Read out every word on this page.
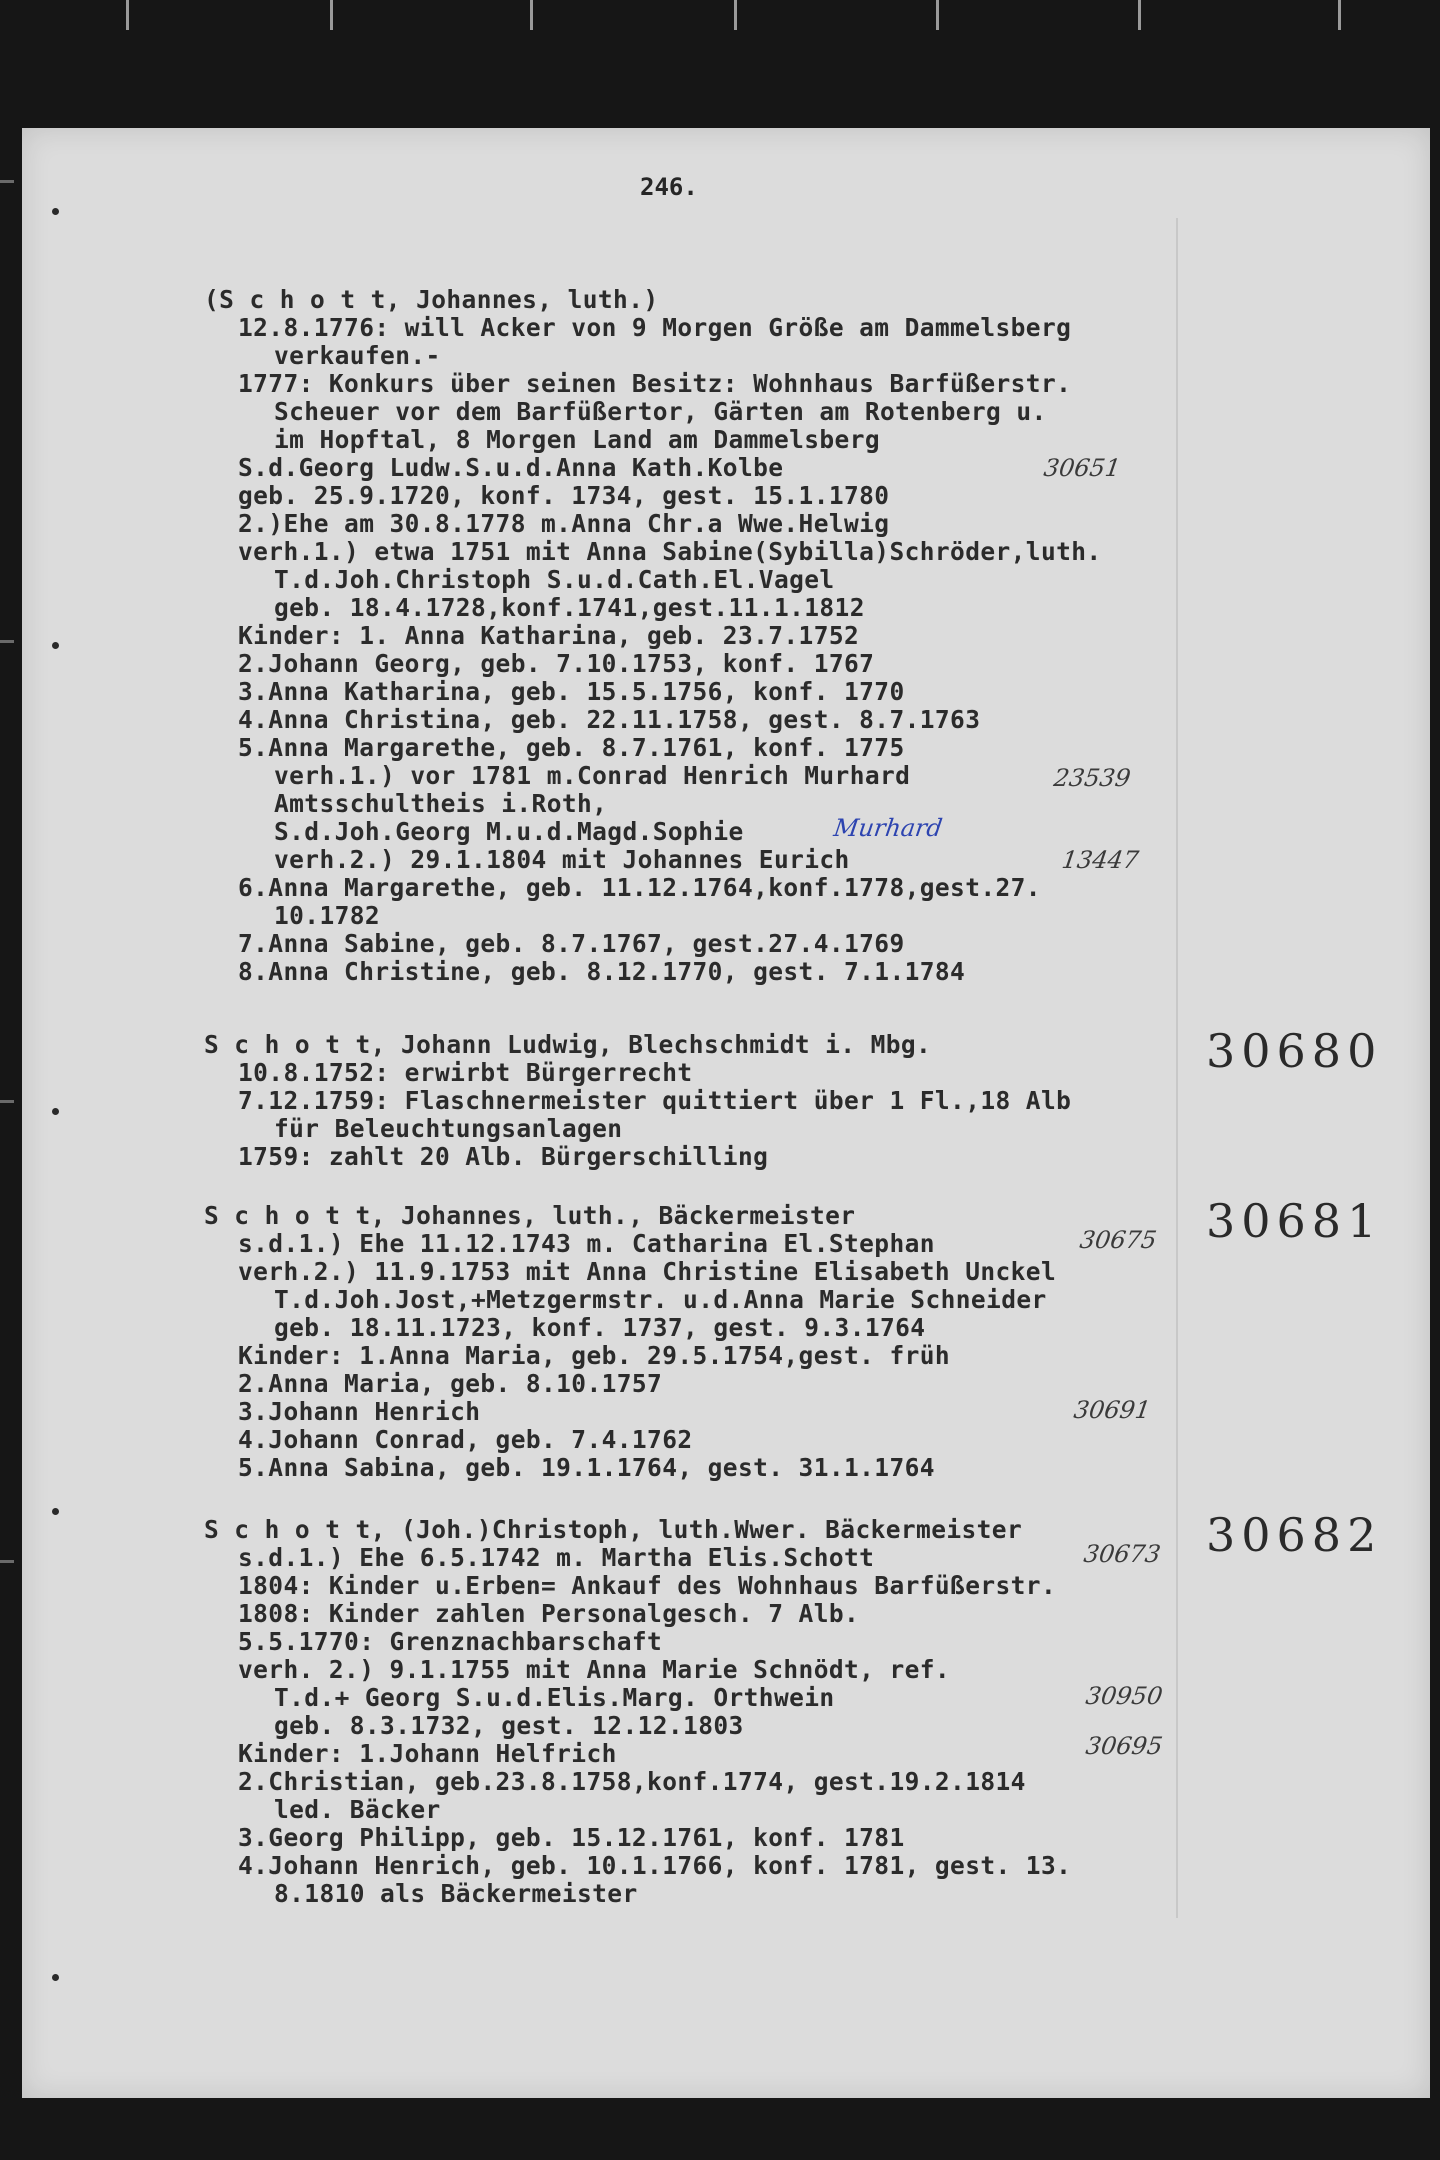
246.
(S c h o t t, Johannes, luth.)
12.8.1776: will Acker von 9 Morgen Größe am Dammelsberg
verkaufen.-
1777: Konkurs über seinen Besitz: Wohnhaus Barfüßerstr.
Scheuer vor dem Barfüßertor, Gärten am Rotenberg u.
im Hopftal, 8 Morgen Land am Dammelsberg
S.d.Georg Ludw.S.u.d.Anna Kath.Kolbe
geb. 25.9.1720, konf. 1734, gest. 15.1.1780
2.)Ehe am 30.8.1778 m.Anna Chr.a Wwe.Helwig
verh.1.) etwa 1751 mit Anna Sabine(Sybilla)Schröder,luth.
T.d.Joh.Christoph S.u.d.Cath.El.Vagel
geb. 18.4.1728,konf.1741,gest.11.1.1812
Kinder: 1. Anna Katharina, geb. 23.7.1752
2.Johann Georg, geb. 7.10.1753, konf. 1767
3.Anna Katharina, geb. 15.5.1756, konf. 1770
4.Anna Christina, geb. 22.11.1758, gest. 8.7.1763
5.Anna Margarethe, geb. 8.7.1761, konf. 1775
verh.1.) vor 1781 m.Conrad Henrich Murhard
Amtsschultheis i.Roth,
S.d.Joh.Georg M.u.d.Magd.Sophie
verh.2.) 29.1.1804 mit Johannes Eurich
6.Anna Margarethe, geb. 11.12.1764,konf.1778,gest.27.
10.1782
7.Anna Sabine, geb. 8.7.1767, gest.27.4.1769
8.Anna Christine, geb. 8.12.1770, gest. 7.1.1784
30651
23539
Murhard
13447
S c h o t t, Johann Ludwig, Blechschmidt i. Mbg.
10.8.1752: erwirbt Bürgerrecht
7.12.1759: Flaschnermeister quittiert über 1 Fl.,18 Alb
für Beleuchtungsanlagen
1759: zahlt 20 Alb. Bürgerschilling
30680
S c h o t t, Johannes, luth., Bäckermeister
s.d.1.) Ehe 11.12.1743 m. Catharina El.Stephan
verh.2.) 11.9.1753 mit Anna Christine Elisabeth Unckel
T.d.Joh.Jost,+Metzgermstr. u.d.Anna Marie Schneider
geb. 18.11.1723, konf. 1737, gest. 9.3.1764
Kinder: 1.Anna Maria, geb. 29.5.1754,gest. früh
2.Anna Maria, geb. 8.10.1757
3.Johann Henrich
4.Johann Conrad, geb. 7.4.1762
5.Anna Sabina, geb. 19.1.1764, gest. 31.1.1764
30675
30691
30681
S c h o t t, (Joh.)Christoph, luth.Wwer. Bäckermeister
s.d.1.) Ehe 6.5.1742 m. Martha Elis.Schott
1804: Kinder u.Erben= Ankauf des Wohnhaus Barfüßerstr.
1808: Kinder zahlen Personalgesch. 7 Alb.
5.5.1770: Grenznachbarschaft
verh. 2.) 9.1.1755 mit Anna Marie Schnödt, ref.
T.d.+ Georg S.u.d.Elis.Marg. Orthwein
geb. 8.3.1732, gest. 12.12.1803
Kinder: 1.Johann Helfrich
2.Christian, geb.23.8.1758,konf.1774, gest.19.2.1814
led. Bäcker
3.Georg Philipp, geb. 15.12.1761, konf. 1781
4.Johann Henrich, geb. 10.1.1766, konf. 1781, gest. 13.
8.1810 als Bäckermeister
30673
30950
30695
30682
